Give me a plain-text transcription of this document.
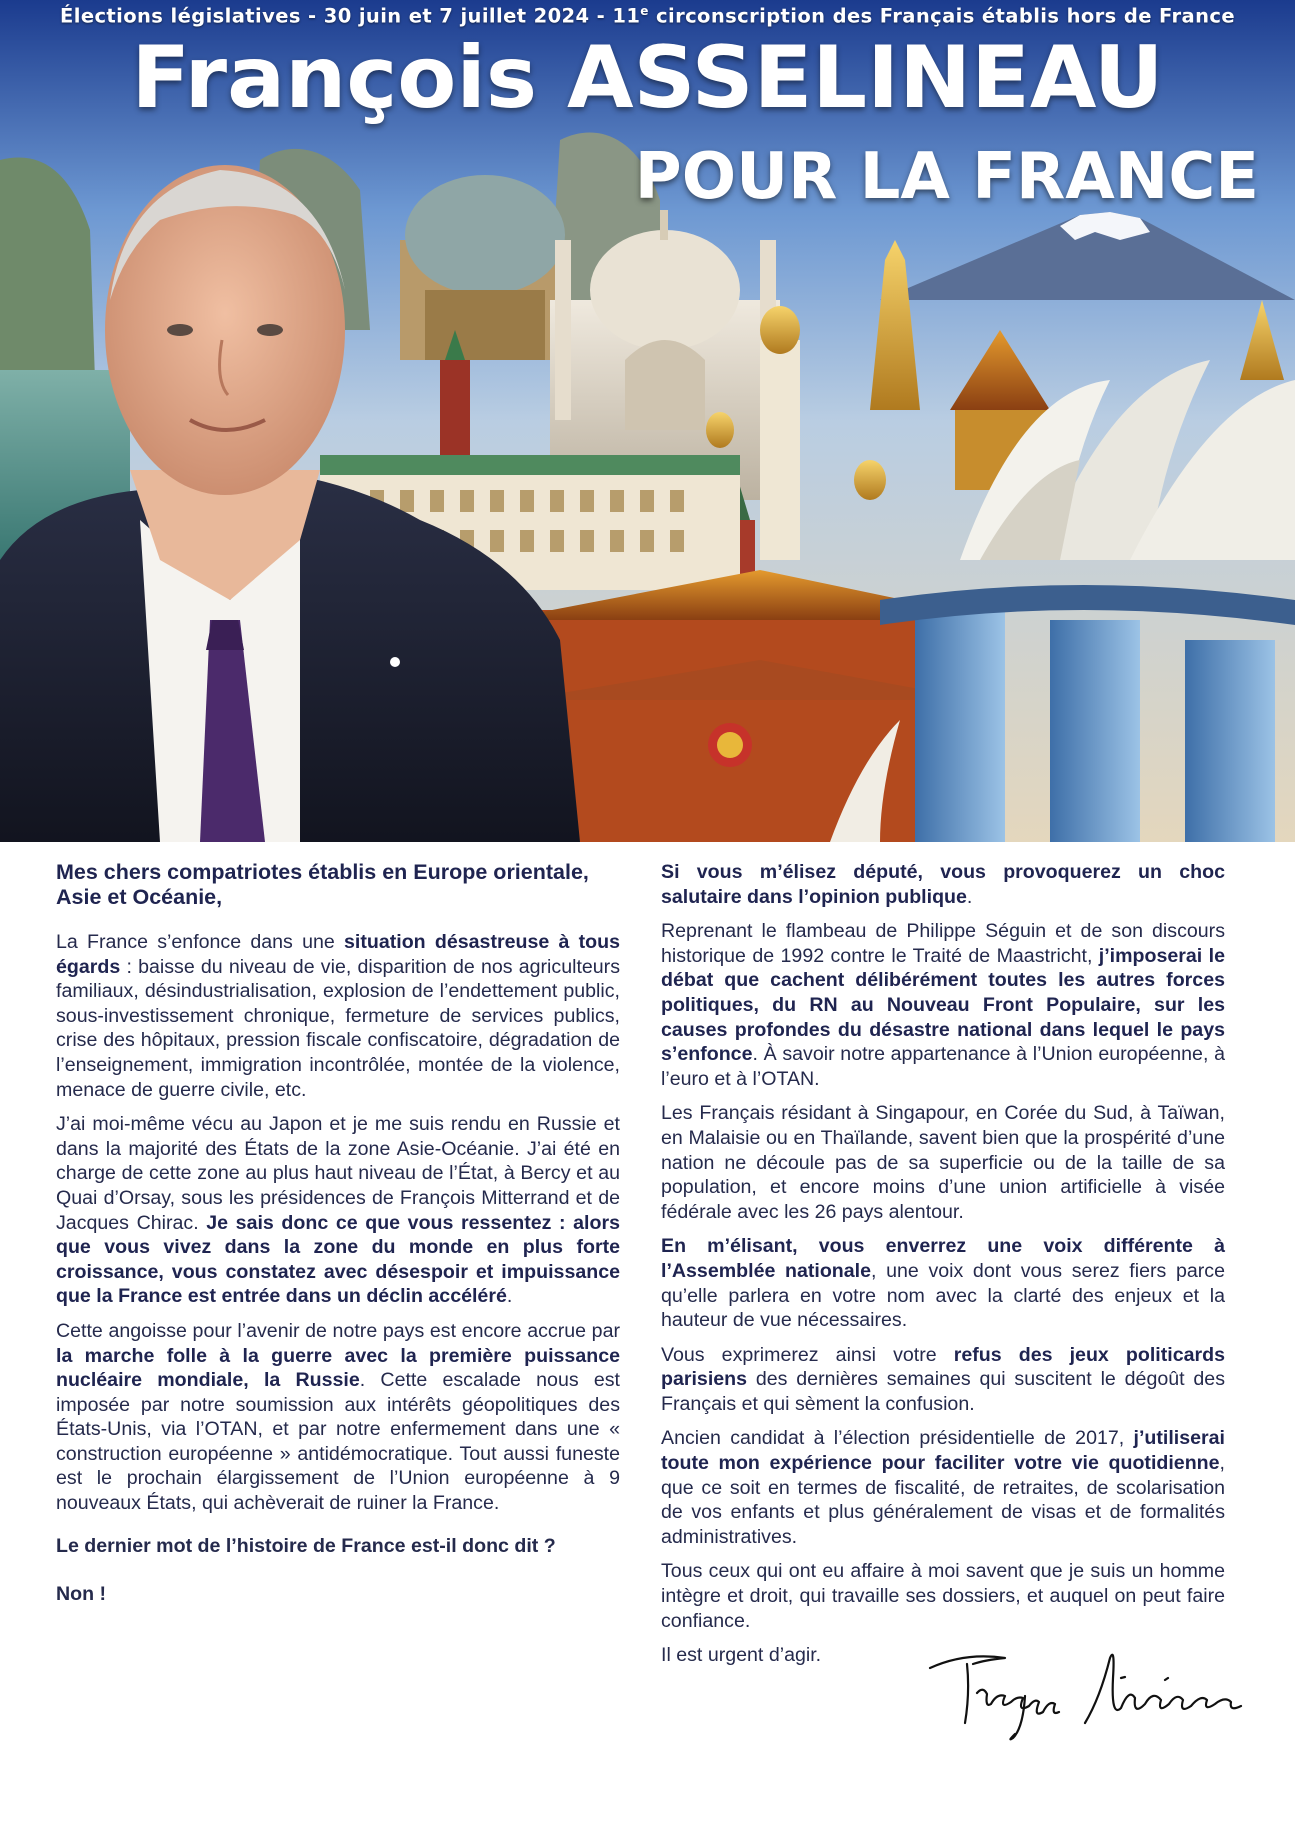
Élections législatives - 30 juin et 7 juillet 2024 - 11e circonscription des Français établis hors de France
François ASSELINEAU
POUR LA FRANCE

Mes chers compatriotes établis en Europe orientale, Asie et Océanie,

La France s’enfonce dans une situation désastreuse à tous égards : baisse du niveau de vie, disparition de nos agriculteurs familiaux, désindustrialisation, explosion de l’endettement public, sous-investissement chronique, fermeture de services publics, crise des hôpitaux, pression fiscale confiscatoire, dégradation de l’enseignement, immigration incontrôlée, montée de la violence, menace de guerre civile, etc.

J’ai moi-même vécu au Japon et je me suis rendu en Russie et dans la majorité des États de la zone Asie-Océanie. J’ai été en charge de cette zone au plus haut niveau de l’État, à Bercy et au Quai d’Orsay, sous les présidences de François Mitterrand et de Jacques Chirac. Je sais donc ce que vous ressentez : alors que vous vivez dans la zone du monde en plus forte croissance, vous constatez avec désespoir et impuissance que la France est entrée dans un déclin accéléré.

Cette angoisse pour l’avenir de notre pays est encore accrue par la marche folle à la guerre avec la première puissance nucléaire mondiale, la Russie. Cette escalade nous est imposée par notre soumission aux intérêts géopolitiques des États-Unis, via l’OTAN, et par notre enfermement dans une « construction européenne » antidémocratique. Tout aussi funeste est le prochain élargissement de l’Union européenne à 9 nouveaux États, qui achèverait de ruiner la France.

Le dernier mot de l’histoire de France est-il donc dit ?

Non !

Si vous m’élisez député, vous provoquerez un choc salutaire dans l’opinion publique.

Reprenant le flambeau de Philippe Séguin et de son discours historique de 1992 contre le Traité de Maastricht, j’imposerai le débat que cachent délibérément toutes les autres forces politiques, du RN au Nouveau Front Populaire, sur les causes profondes du désastre national dans lequel le pays s’enfonce. À savoir notre appartenance à l’Union européenne, à l’euro et à l’OTAN.

Les Français résidant à Singapour, en Corée du Sud, à Taïwan, en Malaisie ou en Thaïlande, savent bien que la prospérité d’une nation ne découle pas de sa superficie ou de la taille de sa population, et encore moins d’une union artificielle à visée fédérale avec les 26 pays alentour.

En m’élisant, vous enverrez une voix différente à l’Assemblée nationale, une voix dont vous serez fiers parce qu’elle parlera en votre nom avec la clarté des enjeux et la hauteur de vue nécessaires.

Vous exprimerez ainsi votre refus des jeux politicards parisiens des dernières semaines qui suscitent le dégoût des Français et qui sèment la confusion.

Ancien candidat à l’élection présidentielle de 2017, j’utiliserai toute mon expérience pour faciliter votre vie quotidienne, que ce soit en termes de fiscalité, de retraites, de scolarisation de vos enfants et plus généralement de visas et de formalités administratives.

Tous ceux qui ont eu affaire à moi savent que je suis un homme intègre et droit, qui travaille ses dossiers, et auquel on peut faire confiance.

Il est urgent d’agir.
